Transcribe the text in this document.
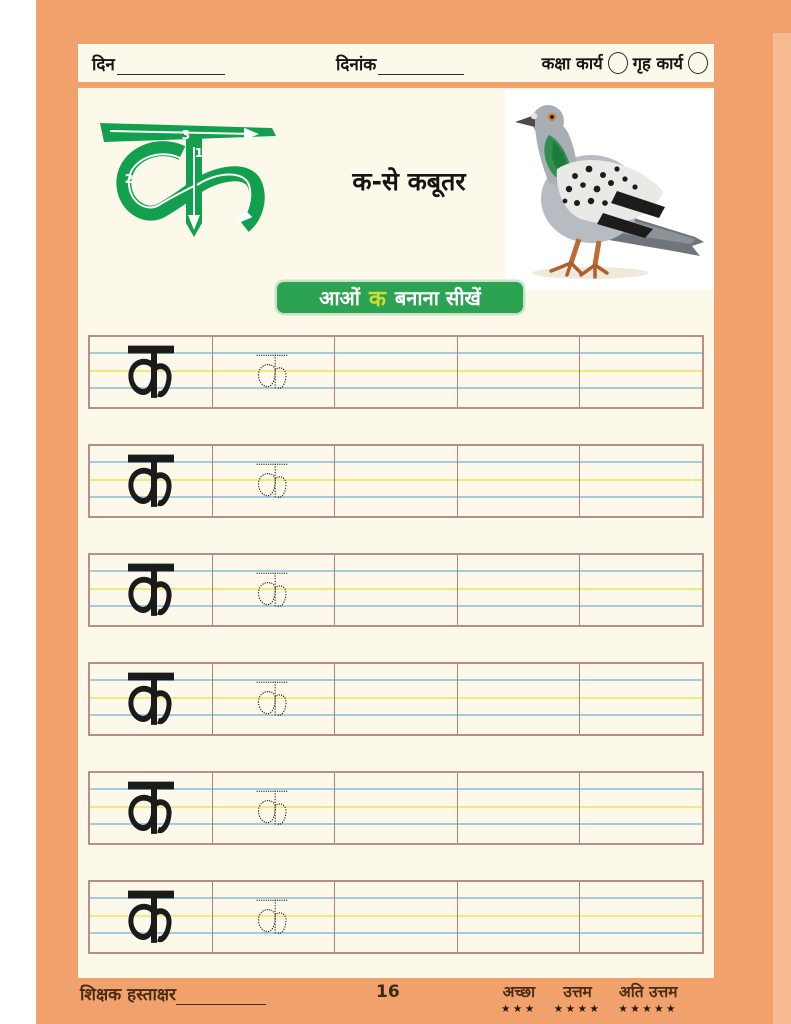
दिन	दिनांक	कक्षा कार्य गृह कार्य
3
1
2	क-से कबूतर
आओं क बनाना सीखें
शिक्षक हस्ताक्षर	16	अच्छा
★★★
उत्तम
★★★★
अति उत्तम
★★★★★
